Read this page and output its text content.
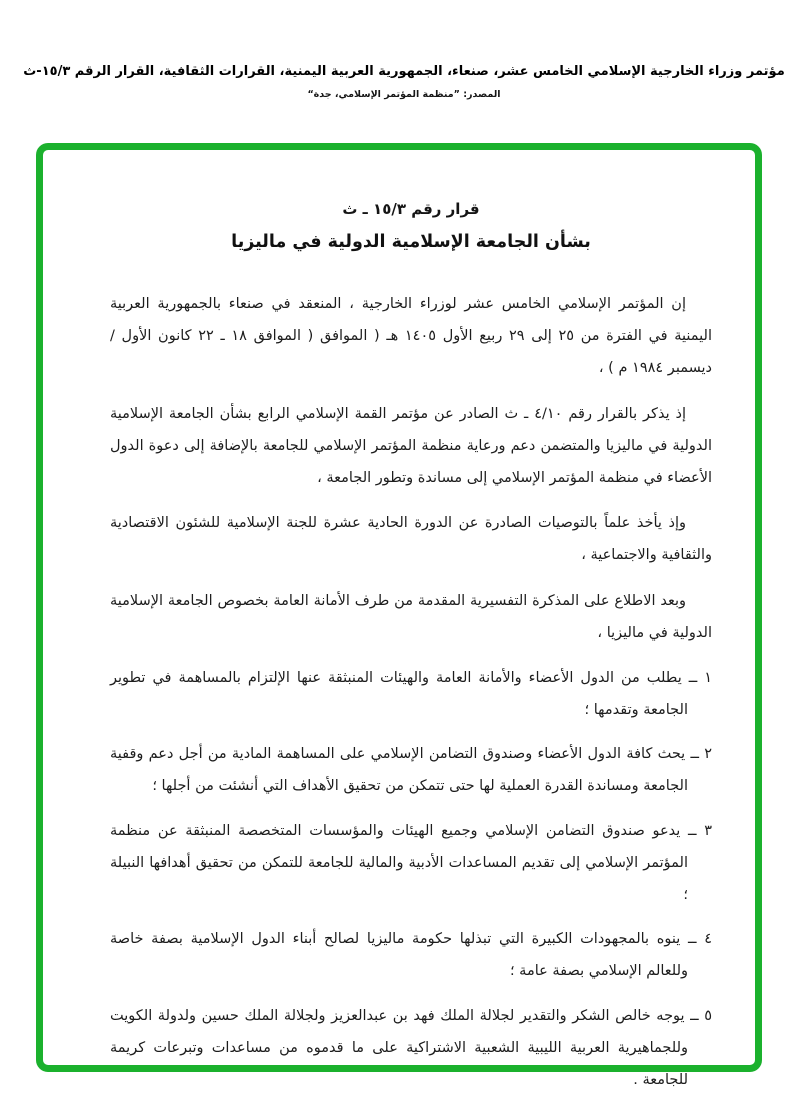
مؤتمر وزراء الخارجية الإسلامي الخامس عشر، صنعاء، الجمهورية العربية اليمنية، القرارات الثقافية، القرار الرقم ١٥/٣-ث
المصدر: ”منظمة المؤتمر الإسلامي، جدة“
قرار رقم ١٥/٣ ـ ث
بشأن الجامعة الإسلامية الدولية في ماليزيا

إن المؤتمر الإسلامي الخامس عشر لوزراء الخارجية ، المنعقد في صنعاء بالجمهورية العربية اليمنية في الفترة من ٢٥ إلى ٢٩ ربيع الأول ١٤٠٥ هـ ( الموافق ( الموافق ١٨ ـ ٢٢ كانون الأول / ديسمبر ١٩٨٤ م ) ،

إذ يذكر بالقرار رقم ٤/١٠ ـ ث الصادر عن مؤتمر القمة الإسلامي الرابع بشأن الجامعة الإسلامية الدولية في ماليزيا والمتضمن دعم ورعاية منظمة المؤتمر الإسلامي للجامعة بالإضافة إلى دعوة الدول الأعضاء في منظمة المؤتمر الإسلامي إلى مساندة وتطور الجامعة ،

وإذ يأخذ علماً بالتوصيات الصادرة عن الدورة الحادية عشرة للجنة الإسلامية للشئون الاقتصادية والثقافية والاجتماعية ،

وبعد الاطلاع على المذكرة التفسيرية المقدمة من طرف الأمانة العامة بخصوص الجامعة الإسلامية الدولية في ماليزيا ،

١ ــ يطلب من الدول الأعضاء والأمانة العامة والهيئات المنبثقة عنها الإلتزام بالمساهمة في تطوير الجامعة وتقدمها ؛

٢ ــ يحث كافة الدول الأعضاء وصندوق التضامن الإسلامي على المساهمة المادية من أجل دعم وقفية الجامعة ومساندة القدرة العملية لها حتى تتمكن من تحقيق الأهداف التي أنشئت من أجلها ؛

٣ ــ يدعو صندوق التضامن الإسلامي وجميع الهيئات والمؤسسات المتخصصة المنبثقة عن منظمة المؤتمر الإسلامي إلى تقديم المساعدات الأدبية والمالية للجامعة للتمكن من تحقيق أهدافها النبيلة ؛

٤ ــ ينوه بالمجهودات الكبيرة التي تبذلها حكومة ماليزيا لصالح أبناء الدول الإسلامية بصفة خاصة وللعالم الإسلامي بصفة عامة ؛

٥ ــ يوجه خالص الشكر والتقدير لجلالة الملك فهد بن عبدالعزيز ولجلالة الملك حسين ولدولة الكويت وللجماهيرية العربية الليبية الشعبية الاشتراكية على ما قدموه من مساعدات وتبرعات كريمة للجامعة .
